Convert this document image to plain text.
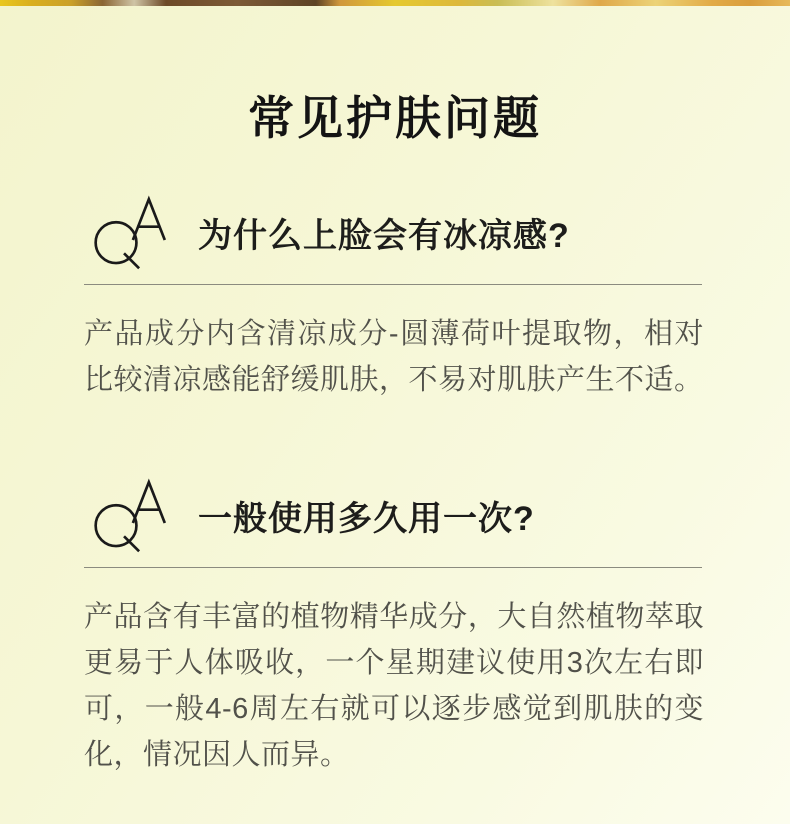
常见护肤问题
为什么上脸会有冰凉感?
产品成分内含清凉成分-圆薄荷叶提取物，相对比较清凉感能舒缓肌肤，不易对肌肤产生不适。
一般使用多久用一次?
产品含有丰富的植物精华成分，大自然植物萃取更易于人体吸收，一个星期建议使用3次左右即可，一般4-6周左右就可以逐步感觉到肌肤的变化，情况因人而异。
